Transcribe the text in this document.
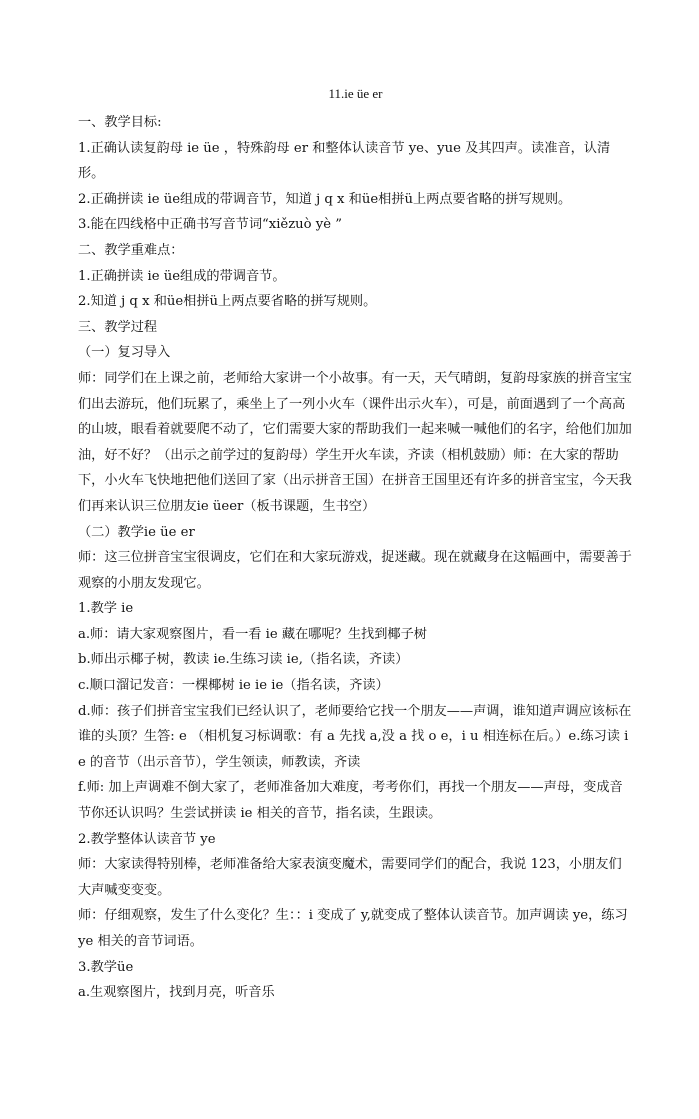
11.ie üe er

一、教学目标:

1.正确认读复韵母 ie üe ，特殊韵母 er 和整体认读音节 ye、yue 及其四声。读准音，认清形。

2.正确拼读 ie üe组成的带调音节，知道 j q x 和üe相拼ü上两点要省略的拼写规则。

3.能在四线格中正确书写音节词“xiězuò yè ”

二、教学重难点：

1.正确拼读 ie üe组成的带调音节。

2.知道 j q x 和üe相拼ü上两点要省略的拼写规则。

三、教学过程

（一）复习导入

师：同学们在上课之前，老师给大家讲一个小故事。有一天，天气晴朗，复韵母家族的拼音宝宝们出去游玩，他们玩累了，乘坐上了一列小火车（课件出示火车），可是，前面遇到了一个高高的山坡，眼看着就要爬不动了，它们需要大家的帮助我们一起来喊一喊他们的名字，给他们加加油，好不好？（出示之前学过的复韵母）学生开火车读，齐读（相机鼓励）师：在大家的帮助下，小火车飞快地把他们送回了家（出示拼音王国）在拼音王国里还有许多的拼音宝宝，今天我们再来认识三位朋友ie üeer（板书课题，生书空）

（二）教学ie üe er

师：这三位拼音宝宝很调皮，它们在和大家玩游戏，捉迷藏。现在就藏身在这幅画中，需要善于观察的小朋友发现它。

1.教学 ie

a.师：请大家观察图片，看一看 ie 藏在哪呢？生找到椰子树

b.师出示椰子树，教读 ie.生练习读 ie,（指名读，齐读）

c.顺口溜记发音：一棵椰树 ie ie ie（指名读，齐读）

d.师：孩子们拼音宝宝我们已经认识了，老师要给它找一个朋友——声调，谁知道声调应该标在谁的头顶？生答: e （相机复习标调歌：有 a 先找 a,没 a 找 o e，i u 相连标在后。）e.练习读 ie 的音节（出示音节），学生领读，师教读，齐读

f.师: 加上声调难不倒大家了，老师准备加大难度，考考你们，再找一个朋友——声母，变成音节你还认识吗？生尝试拼读 ie 相关的音节，指名读，生跟读。

2.教学整体认读音节 ye

师：大家读得特别棒，老师准备给大家表演变魔术，需要同学们的配合，我说 123，小朋友们大声喊变变变。

师：仔细观察，发生了什么变化？生：：i 变成了 y,就变成了整体认读音节。加声调读 ye，练习 ye 相关的音节词语。

3.教学üe

a.生观察图片，找到月亮，听音乐
